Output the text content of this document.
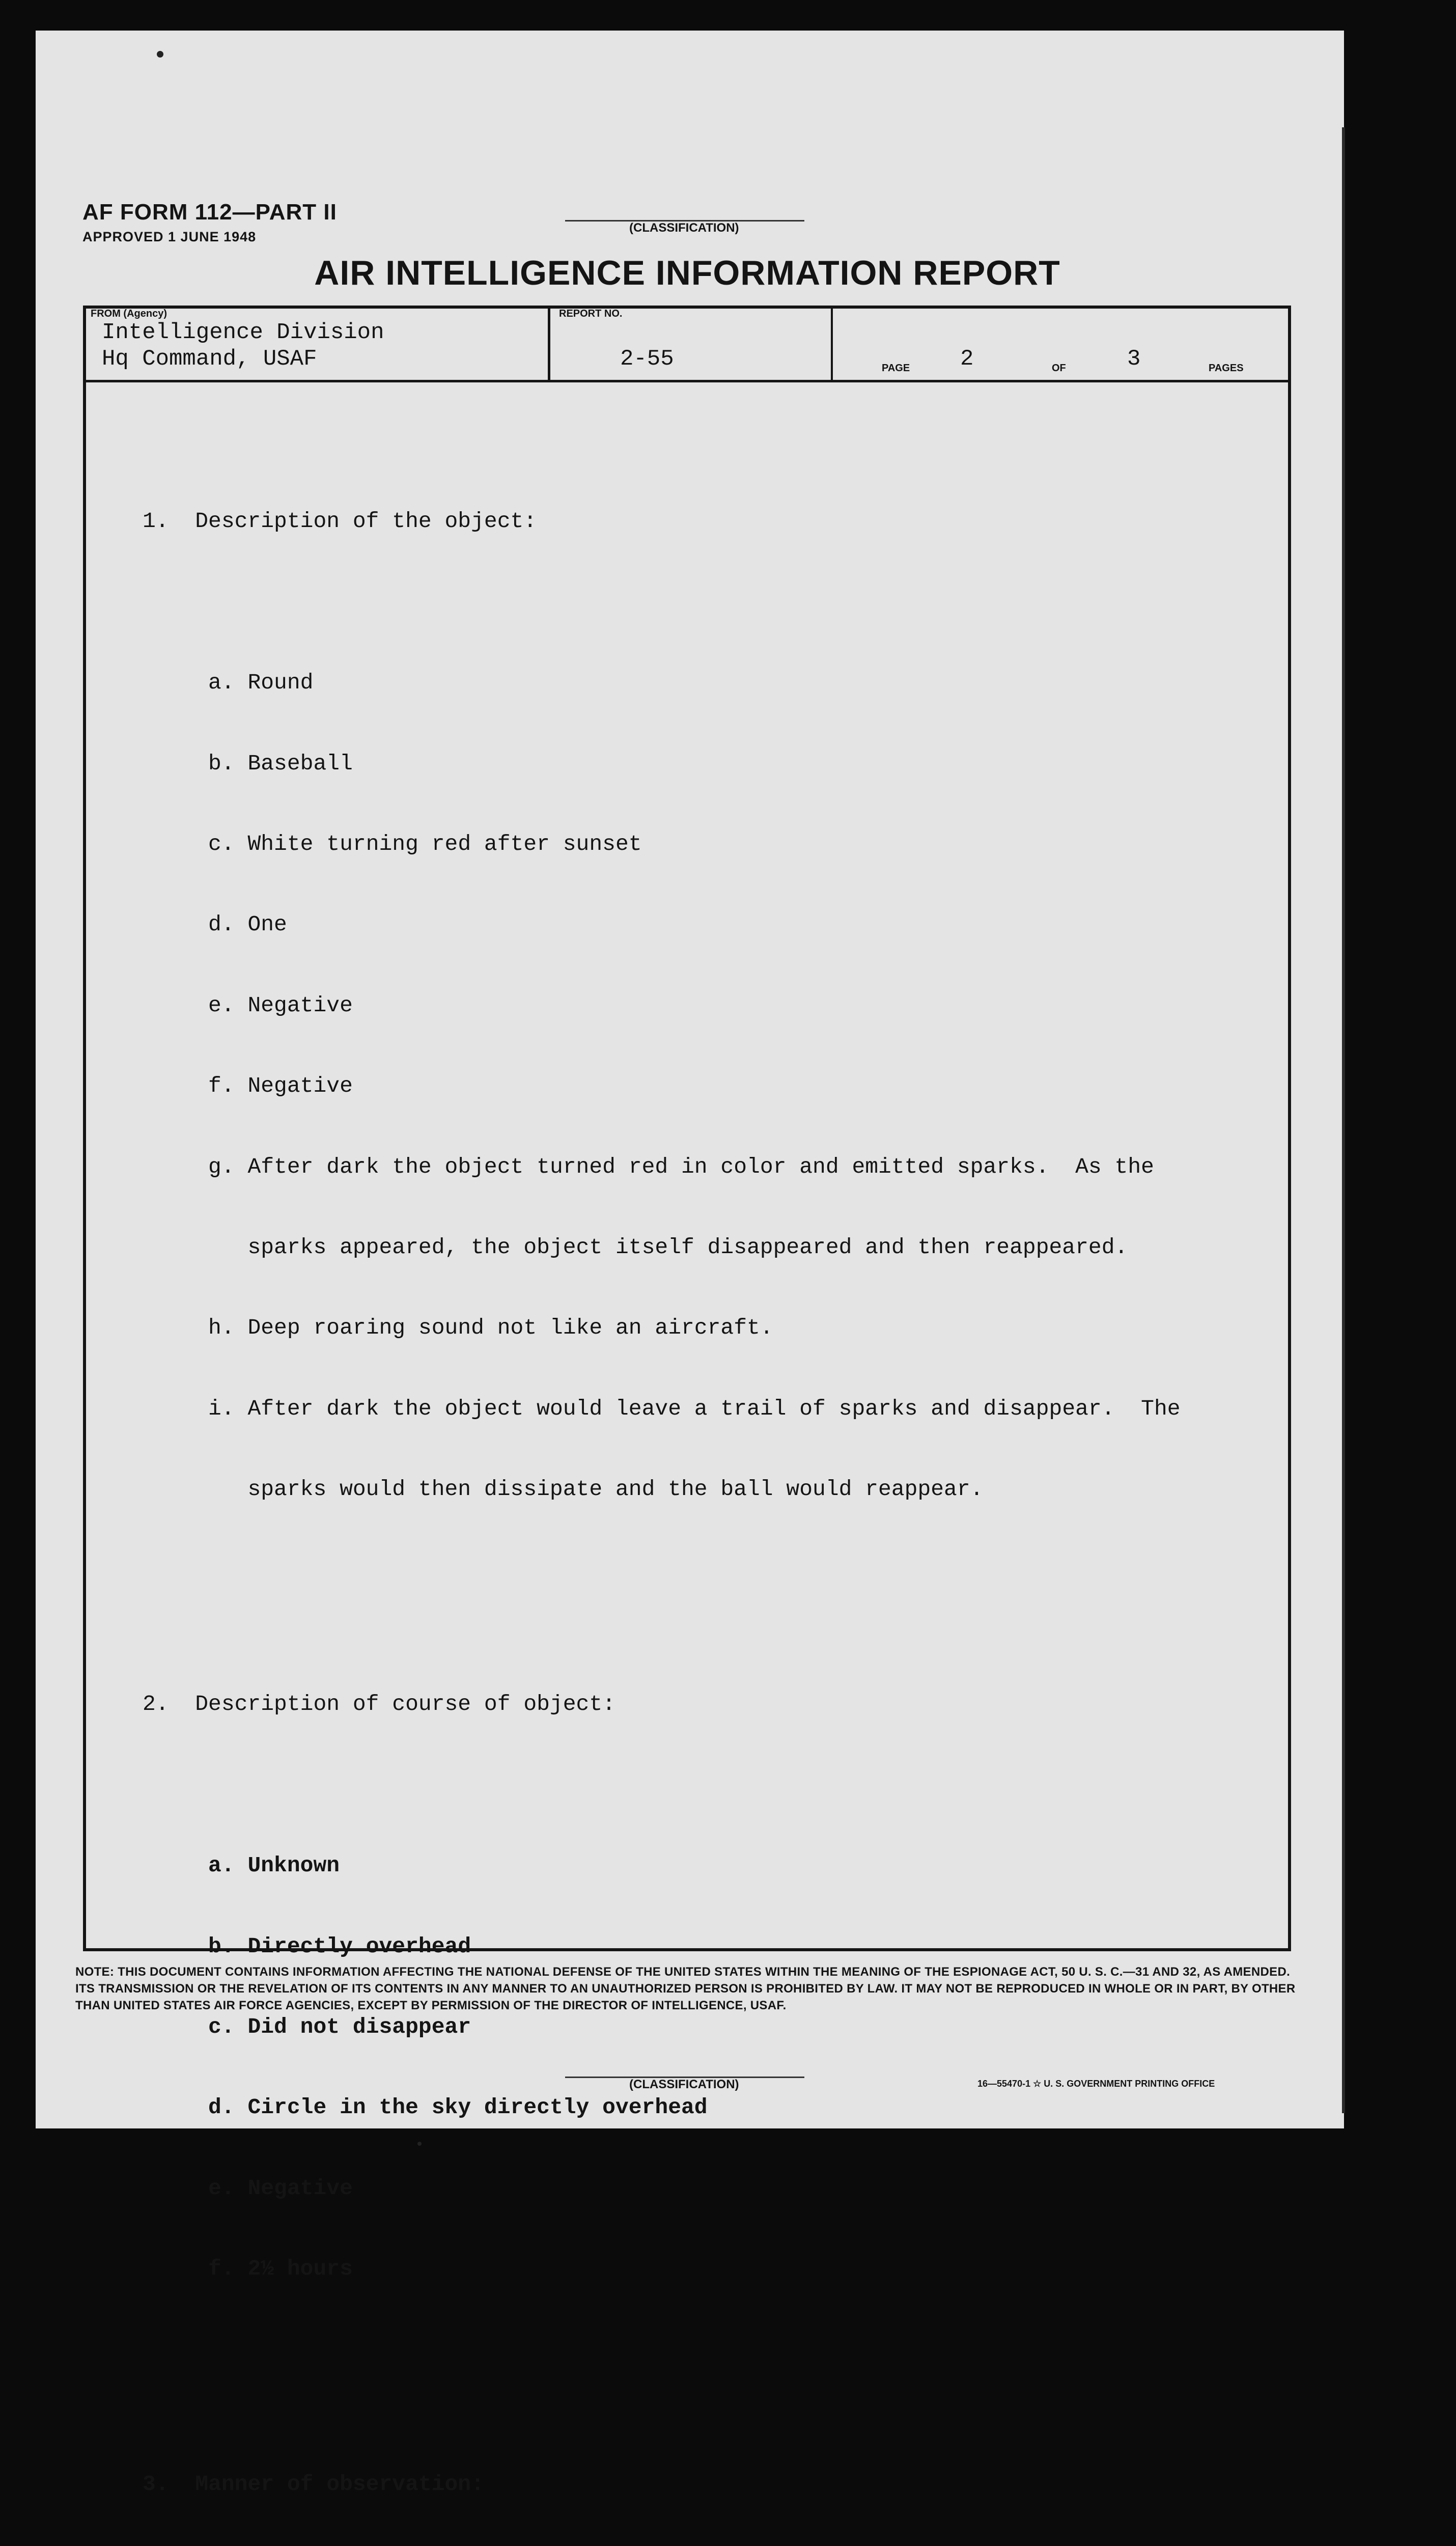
AF FORM 112—PART II
APPROVED 1 JUNE 1948
(CLASSIFICATION)
AIR INTELLIGENCE INFORMATION REPORT
FROM (Agency)
Intelligence Division
Hq Command, USAF
REPORT NO.
2-55	PAGE 2	OF	3	PAGES

1. Description of the object:

a. Round

b. Baseball

c. White turning red after sunset

d. One

e. Negative

f. Negative

g. After dark the object turned red in color and emitted sparks.  As the

sparks appeared, the object itself disappeared and then reappeared.

h. Deep roaring sound not like an aircraft.

i. After dark the object would leave a trail of sparks and disappear.  The

sparks would then dissipate and the ball would reappear.

2. Description of course of object:

a. Unknown

b. Directly overhead

c. Did not disappear

d. Circle in the sky directly overhead

e. Negative

f. 2½ hours

3. Manner of observation:

NOTE: THIS DOCUMENT CONTAINS INFORMATION AFFECTING THE NATIONAL DEFENSE OF THE UNITED STATES WITHIN THE MEANING OF THE ESPIONAGE ACT, 50 U. S. C.—31 AND 32, AS AMENDED. ITS TRANSMISSION OR THE REVELATION OF ITS CONTENTS IN ANY MANNER TO AN UNAUTHORIZED PERSON IS PROHIBITED BY LAW. IT MAY NOT BE REPRODUCED IN WHOLE OR IN PART, BY OTHER THAN UNITED STATES AIR FORCE AGENCIES, EXCEPT BY PERMISSION OF THE DIRECTOR OF INTELLIGENCE, USAF.
(CLASSIFICATION)	16—55470-1 ☆ U. S. GOVERNMENT PRINTING OFFICE
